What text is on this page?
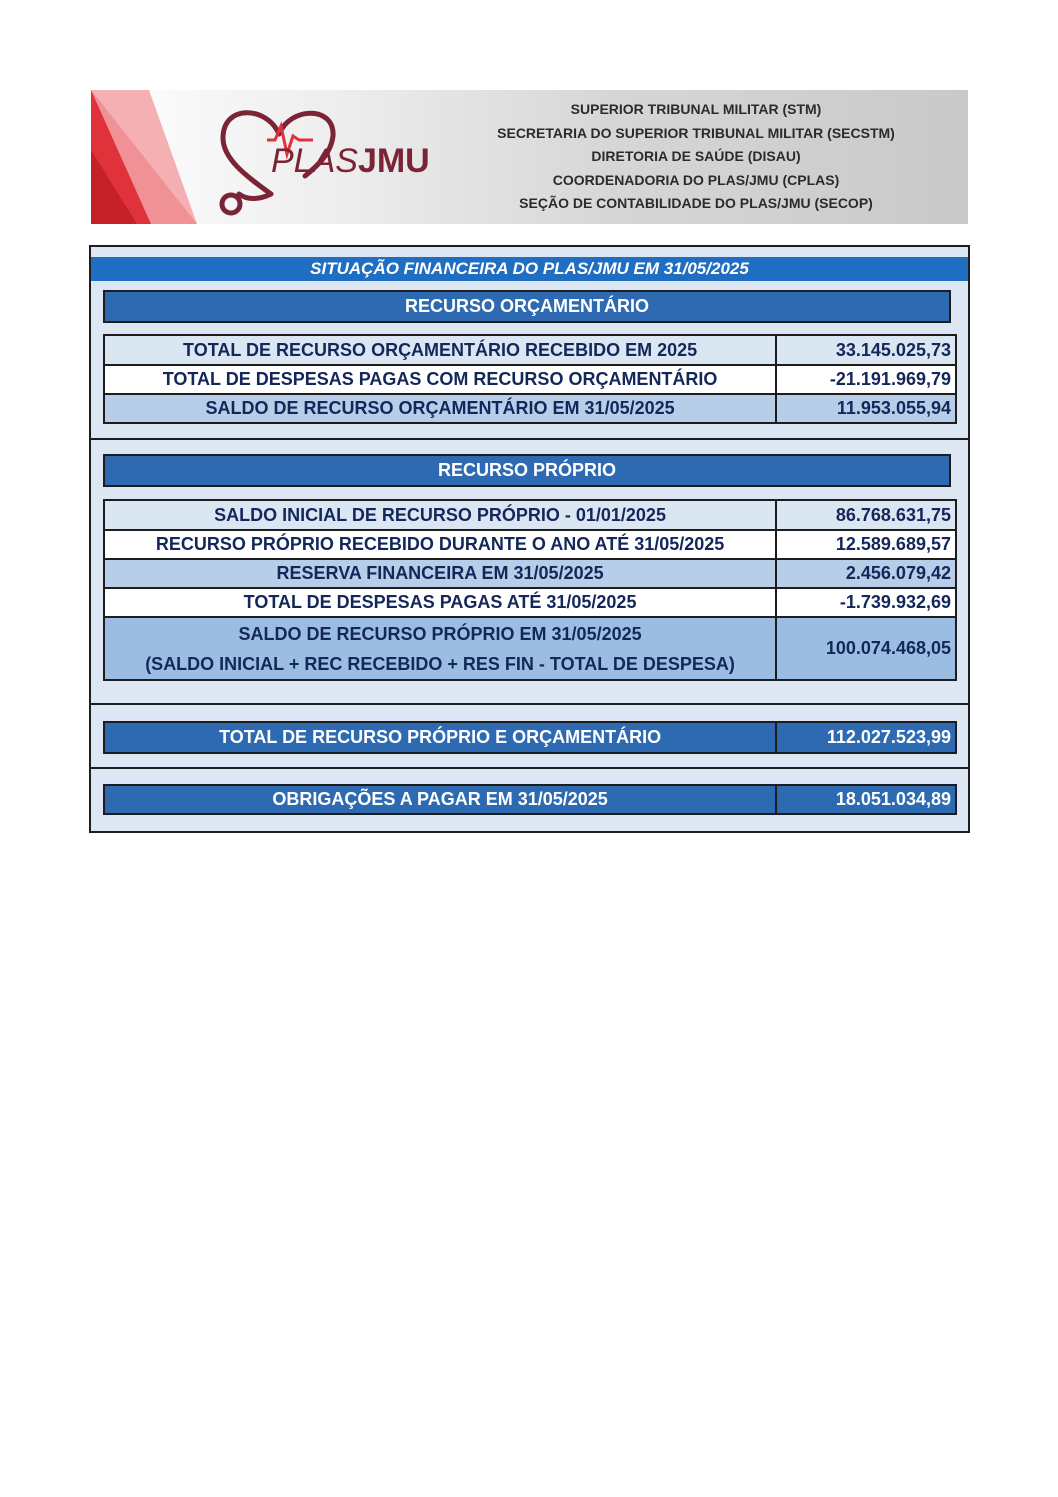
PLASJMU
SUPERIOR TRIBUNAL MILITAR (STM)
SECRETARIA DO SUPERIOR TRIBUNAL MILITAR (SECSTM)
DIRETORIA DE SAÚDE (DISAU)
COORDENADORIA DO PLAS/JMU (CPLAS)
SEÇÃO DE CONTABILIDADE DO PLAS/JMU (SECOP)
SITUAÇÃO FINANCEIRA DO PLAS/JMU EM 31/05/2025
RECURSO ORÇAMENTÁRIO
TOTAL DE RECURSO ORÇAMENTÁRIO RECEBIDO EM 2025	33.145.025,73
TOTAL DE DESPESAS PAGAS COM RECURSO ORÇAMENTÁRIO	-21.191.969,79
SALDO DE RECURSO ORÇAMENTÁRIO EM 31/05/2025	11.953.055,94
RECURSO PRÓPRIO
SALDO INICIAL DE RECURSO PRÓPRIO - 01/01/2025	86.768.631,75
RECURSO PRÓPRIO RECEBIDO DURANTE O ANO ATÉ 31/05/2025	12.589.689,57
RESERVA FINANCEIRA EM 31/05/2025	2.456.079,42
TOTAL DE DESPESAS PAGAS ATÉ 31/05/2025	-1.739.932,69

SALDO DE RECURSO PRÓPRIO EM 31/05/2025
(SALDO INICIAL + REC RECEBIDO + RES FIN - TOTAL DE DESPESA)	100.074.468,05
TOTAL DE RECURSO PRÓPRIO E ORÇAMENTÁRIO	112.027.523,99
OBRIGAÇÕES A PAGAR EM 31/05/2025	18.051.034,89
